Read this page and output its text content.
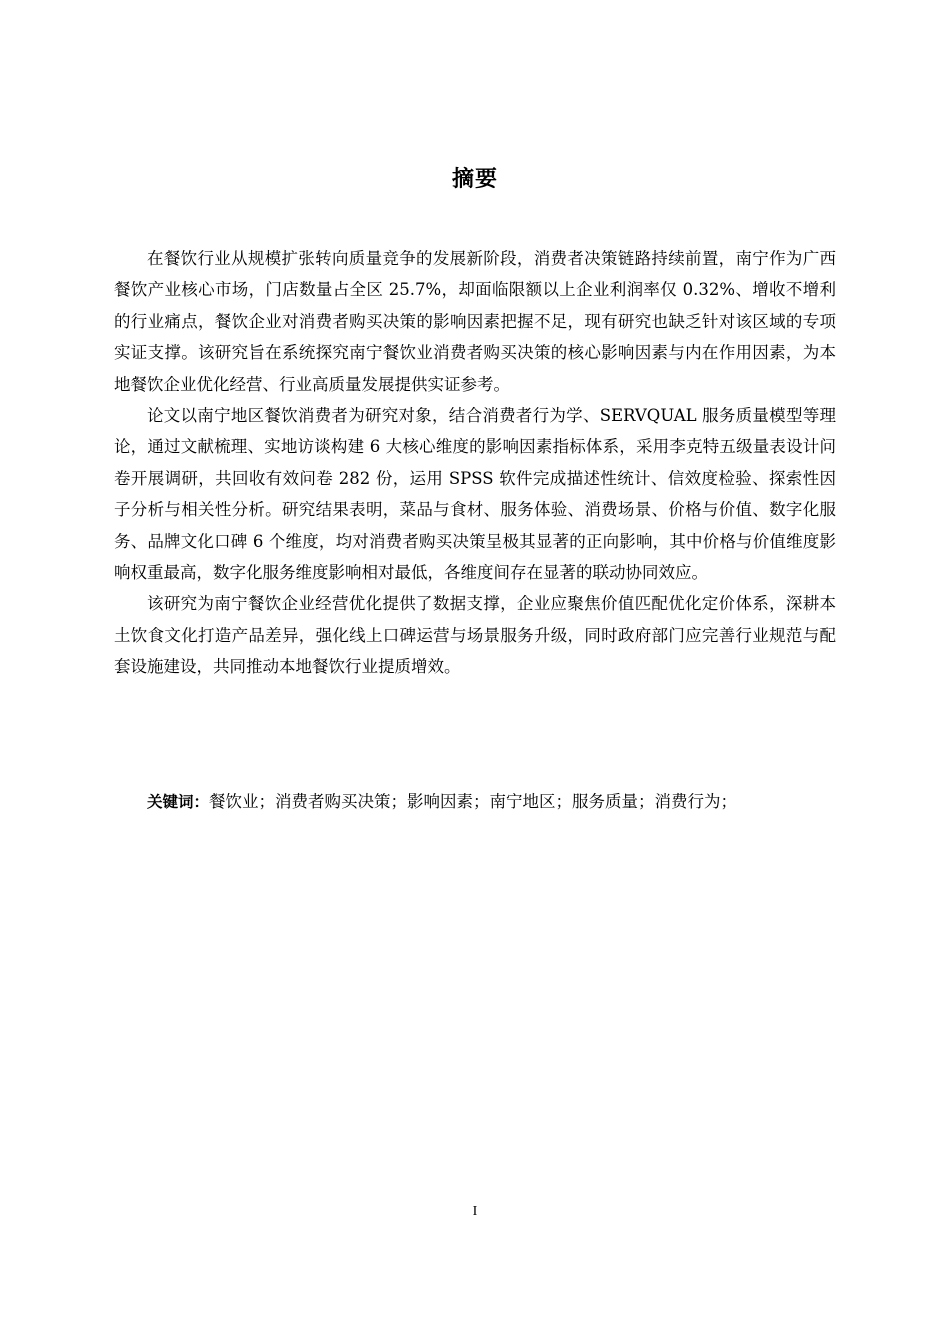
摘要

在餐饮行业从规模扩张转向质量竞争的发展新阶段，消费者决策链路持续前置，南宁作为广西餐饮产业核心市场，门店数量占全区 25.7%，却面临限额以上企业利润率仅 0.32%、增收不增利的行业痛点，餐饮企业对消费者购买决策的影响因素把握不足，现有研究也缺乏针对该区域的专项实证支撑。该研究旨在系统探究南宁餐饮业消费者购买决策的核心影响因素与内在作用因素，为本地餐饮企业优化经营、行业高质量发展提供实证参考。

论文以南宁地区餐饮消费者为研究对象，结合消费者行为学、SERVQUAL 服务质量模型等理论，通过文献梳理、实地访谈构建 6 大核心维度的影响因素指标体系，采用李克特五级量表设计问卷开展调研，共回收有效问卷 282 份，运用 SPSS 软件完成描述性统计、信效度检验、探索性因子分析与相关性分析。研究结果表明，菜品与食材、服务体验、消费场景、价格与价值、数字化服务、品牌文化口碑 6 个维度，均对消费者购买决策呈极其显著的正向影响，其中价格与价值维度影响权重最高，数字化服务维度影响相对最低，各维度间存在显著的联动协同效应。

该研究为南宁餐饮企业经营优化提供了数据支撑，企业应聚焦价值匹配优化定价体系，深耕本土饮食文化打造产品差异，强化线上口碑运营与场景服务升级，同时政府部门应完善行业规范与配套设施建设，共同推动本地餐饮行业提质增效。

关键词：餐饮业；消费者购买决策；影响因素；南宁地区；服务质量；消费行为；
I
